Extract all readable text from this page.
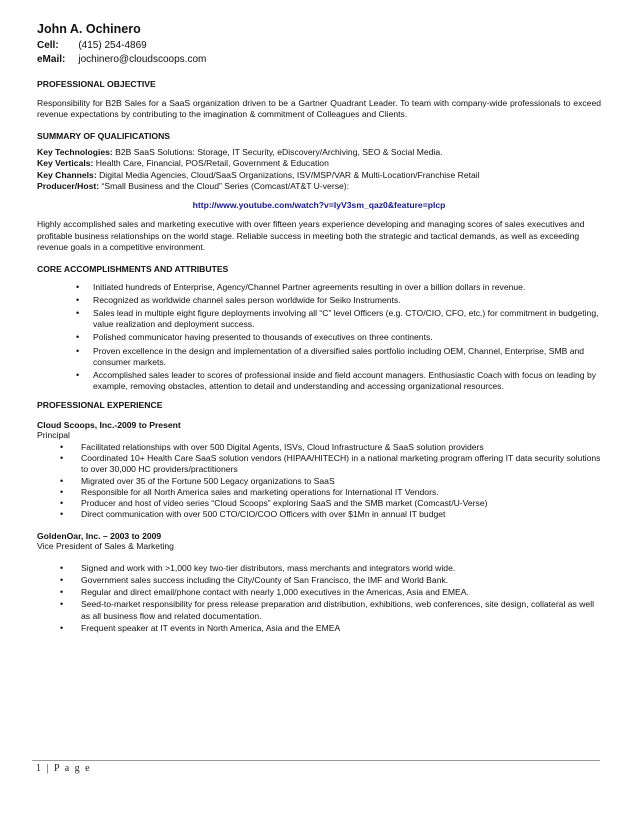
John A. Ochinero
Cell: (415) 254-4869
eMail: jochinero@cloudscoops.com
PROFESSIONAL OBJECTIVE

Responsibility for B2B Sales for a SaaS organization driven to be a Gartner Quadrant Leader. To team with company-wide professionals to exceed revenue expectations by contributing to the imagination & commitment of Colleagues and Clients.

SUMMARY OF QUALIFICATIONS
Key Technologies: B2B SaaS Solutions: Storage, IT Security, eDiscovery/Archiving, SEO & Social Media.
Key Verticals: Health Care, Financial, POS/Retail, Government & Education
Key Channels: Digital Media Agencies, Cloud/SaaS Organizations, ISV/MSP/VAR & Multi-Location/Franchise Retail
Producer/Host: “Small Business and the Cloud” Series (Comcast/AT&T U-verse):
http://www.youtube.com/watch?v=lyV3sm_qaz0&feature=plcp

Highly accomplished sales and marketing executive with over fifteen years experience developing and managing scores of sales executives and profitable business relationships on the world stage. Reliable success in meeting both the strategic and tactical demands, as well as exceeding revenue goals in a competitive environment.

CORE ACCOMPLISHMENTS AND ATTRIBUTES
• Initiated hundreds of Enterprise, Agency/Channel Partner agreements resulting in over a billion dollars in revenue.
• Recognized as worldwide channel sales person worldwide for Seiko Instruments.
• Sales lead in multiple eight figure deployments involving all “C” level Officers (e.g. CTO/CIO, CFO, etc.) for commitment in budgeting, value realization and deployment success.
• Polished communicator having presented to thousands of executives on three continents.
• Proven excellence in the design and implementation of a diversified sales portfolio including OEM, Channel, Enterprise, SMB and consumer markets.
• Accomplished sales leader to scores of professional inside and field account managers. Enthusiastic Coach with focus on leading by example, removing obstacles, attention to detail and understanding and accessing organizational resources.
PROFESSIONAL EXPERIENCE
Cloud Scoops, Inc.-2009 to Present
Principal
• Facilitated relationships with over 500 Digital Agents, ISVs, Cloud Infrastructure & SaaS solution providers
• Coordinated 10+ Health Care SaaS solution vendors (HIPAA/HITECH) in a national marketing program offering IT data security solutions to over 30,000 HC providers/practitioners
• Migrated over 35 of the Fortune 500 Legacy organizations to SaaS
• Responsible for all North America sales and marketing operations for International IT Vendors.
• Producer and host of video series “Cloud Scoops” exploring SaaS and the SMB market (Comcast/U-Verse)
• Direct communication with over 500 CTO/CIO/COO Officers with over $1Mn in annual IT budget
GoldenOar, Inc. – 2003 to 2009
Vice President of Sales & Marketing
• Signed and work with >1,000 key two-tier distributors, mass merchants and integrators world wide.
• Government sales success including the City/County of San Francisco, the IMF and World Bank.
• Regular and direct email/phone contact with nearly 1,000 executives in the Americas, Asia and EMEA.
• Seed-to-market responsibility for press release preparation and distribution, exhibitions, web conferences, site design, collateral as well as all business flow and related documentation.
• Frequent speaker at IT events in North America, Asia and the EMEA
1 | P a g e
